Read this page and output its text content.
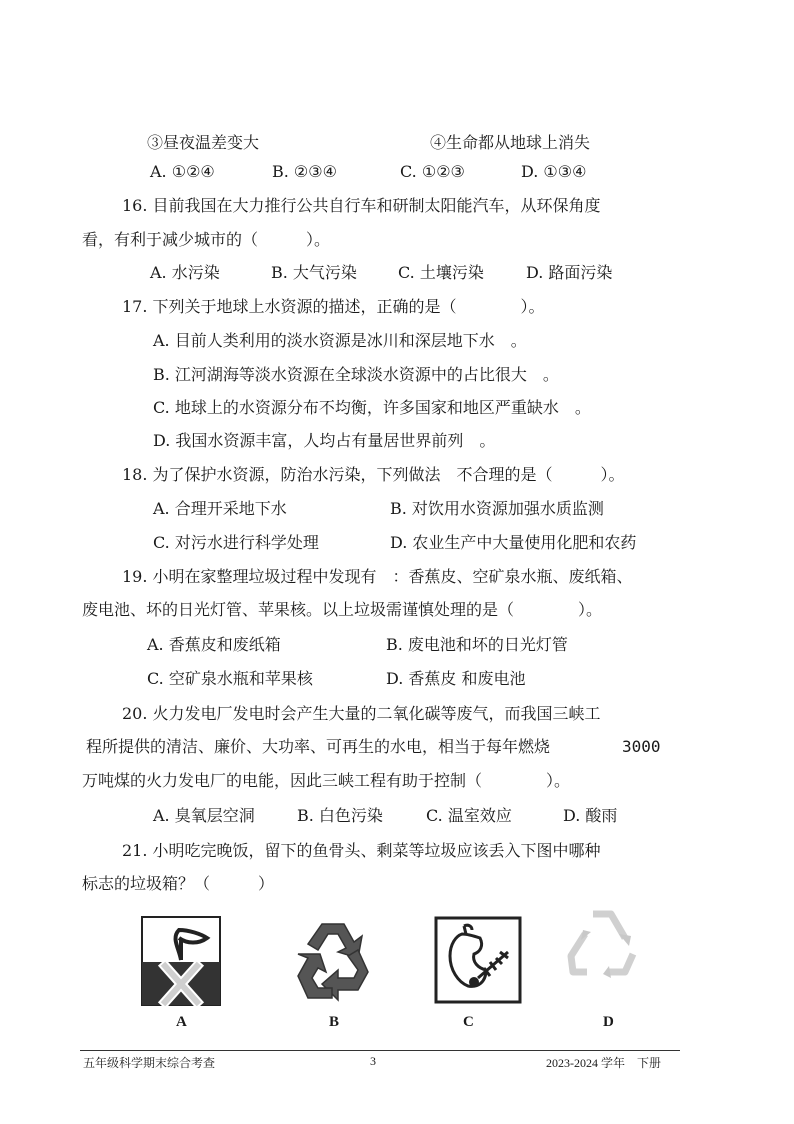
③昼夜温差变大	④生命都从地球上消失
A. ①②④	B. ②③④	C. ①②③	D. ①③④
16. 目前我国在大力推行公共自行车和研制太阳能汽车，从环保角度
看，有利于减少城市的（　　　）。
A. 水污染	B. 大气污染	C. 土壤污染	D. 路面污染
17. 下列关于地球上水资源的描述，正确的是（　　　　）。
A. 目前人类利用的淡水资源是冰川和深层地下水　。
B. 江河湖海等淡水资源在全球淡水资源中的占比很大　。
C. 地球上的水资源分布不均衡，许多国家和地区严重缺水　。
D. 我国水资源丰富，人均占有量居世界前列　。
18. 为了保护水资源，防治水污染，下列做法　不合理的是（　　　）。
A. 合理开采地下水	B. 对饮用水资源加强水质监测
C. 对污水进行科学处理	D. 农业生产中大量使用化肥和农药
19. 小明在家整理垃圾过程中发现有　：香蕉皮、空矿泉水瓶、废纸箱、
废电池、坏的日光灯管、苹果核。以上垃圾需谨慎处理的是（　　　　）。
A. 香蕉皮和废纸箱	B. 废电池和坏的日光灯管
C. 空矿泉水瓶和苹果核	D. 香蕉皮 和废电池
20. 火力发电厂发电时会产生大量的二氧化碳等废气，而我国三峡工
程所提供的清洁、廉价、大功率、可再生的水电，相当于每年燃烧	3000
万吨煤的火力发电厂的电能，因此三峡工程有助于控制（　　　　）。
A. 臭氧层空洞	B. 白色污染	C. 温室效应	D. 酸雨
21. 小明吃完晚饭，留下的鱼骨头、剩菜等垃圾应该丢入下图中哪种
标志的垃圾箱？（　　　）
A	B	C	D
五年级科学期末综合考查	3	2023-2024 学年　下册
